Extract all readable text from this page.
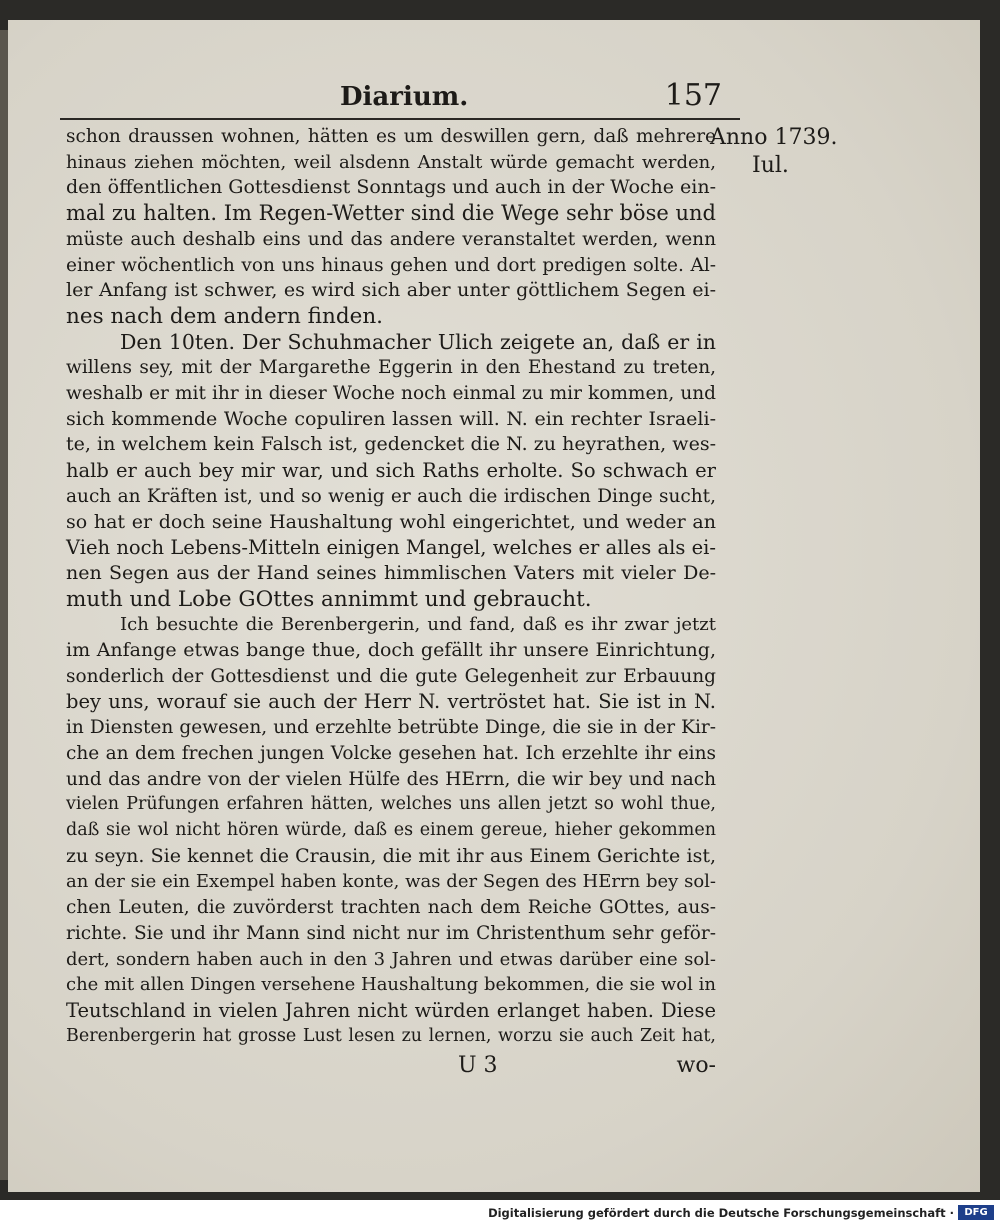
Diarium.	157
Anno 1739.
Iul.
schon draussen wohnen, hätten es um deswillen gern, daß mehrere
hinaus ziehen möchten, weil alsdenn Anstalt würde gemacht werden,
den öffentlichen Gottesdienst Sonntags und auch in der Woche ein-
mal zu halten. Im Regen-Wetter sind die Wege sehr böse und
müste auch deshalb eins und das andere veranstaltet werden, wenn
einer wöchentlich von uns hinaus gehen und dort predigen solte. Al-
ler Anfang ist schwer, es wird sich aber unter göttlichem Segen ei-
nes nach dem andern finden.
Den 10ten. Der Schuhmacher Ulich zeigete an, daß er in
willens sey, mit der Margarethe Eggerin in den Ehestand zu treten,
weshalb er mit ihr in dieser Woche noch einmal zu mir kommen, und
sich kommende Woche copuliren lassen will. N. ein rechter Israeli-
te, in welchem kein Falsch ist, gedencket die N. zu heyrathen, wes-
halb er auch bey mir war, und sich Raths erholte. So schwach er
auch an Kräften ist, und so wenig er auch die irdischen Dinge sucht,
so hat er doch seine Haushaltung wohl eingerichtet, und weder an
Vieh noch Lebens-Mitteln einigen Mangel, welches er alles als ei-
nen Segen aus der Hand seines himmlischen Vaters mit vieler De-
muth und Lobe GOttes annimmt und gebraucht.
Ich besuchte die Berenbergerin, und fand, daß es ihr zwar jetzt
im Anfange etwas bange thue, doch gefällt ihr unsere Einrichtung,
sonderlich der Gottesdienst und die gute Gelegenheit zur Erbauung
bey uns, worauf sie auch der Herr N. vertröstet hat. Sie ist in N.
in Diensten gewesen, und erzehlte betrübte Dinge, die sie in der Kir-
che an dem frechen jungen Volcke gesehen hat. Ich erzehlte ihr eins
und das andre von der vielen Hülfe des HErrn, die wir bey und nach
vielen Prüfungen erfahren hätten, welches uns allen jetzt so wohl thue,
daß sie wol nicht hören würde, daß es einem gereue, hieher gekommen
zu seyn. Sie kennet die Crausin, die mit ihr aus Einem Gerichte ist,
an der sie ein Exempel haben konte, was der Segen des HErrn bey sol-
chen Leuten, die zuvörderst trachten nach dem Reiche GOttes, aus-
richte. Sie und ihr Mann sind nicht nur im Christenthum sehr geför-
dert, sondern haben auch in den 3 Jahren und etwas darüber eine sol-
che mit allen Dingen versehene Haushaltung bekommen, die sie wol in
Teutschland in vielen Jahren nicht würden erlanget haben. Diese
Berenbergerin hat grosse Lust lesen zu lernen, worzu sie auch Zeit hat,
U 3	wo-
Digitalisierung gefördert durch die Deutsche Forschungsgemeinschaft ·	DFG
